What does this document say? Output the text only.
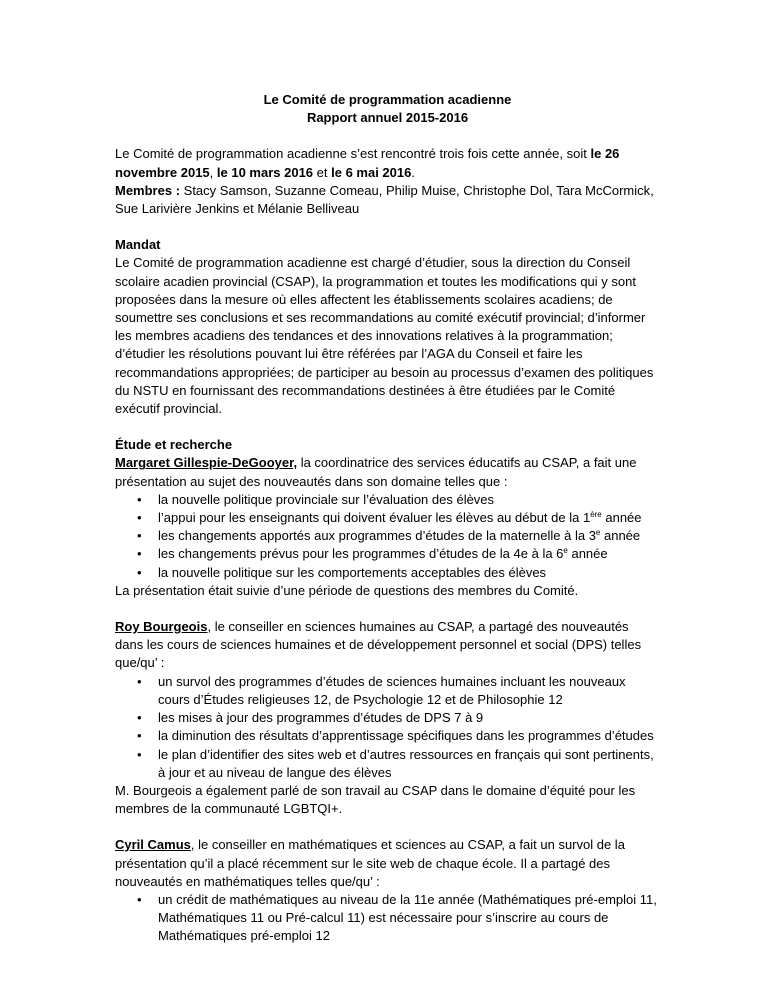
Le Comité de programmation acadienne
Rapport annuel 2015-2016

Le Comité de programmation acadienne s’est rencontré trois fois cette année, soit le 26 novembre 2015, le 10 mars 2016 et le 6 mai 2016.

Membres : Stacy Samson, Suzanne Comeau, Philip Muise, Christophe Dol, Tara McCormick, Sue Larivière Jenkins et Mélanie Belliveau

Mandat

Le Comité de programmation acadienne est chargé d’étudier, sous la direction du Conseil scolaire acadien provincial (CSAP), la programmation et toutes les modifications qui y sont proposées dans la mesure où elles affectent les établissements scolaires acadiens; de soumettre ses conclusions et ses recommandations au comité exécutif provincial; d’informer les membres acadiens des tendances et des innovations relatives à la programmation; d’étudier les résolutions pouvant lui être référées par l’AGA du Conseil et faire les recommandations appropriées; de participer au besoin au processus d’examen des politiques du NSTU en fournissant des recommandations destinées à être étudiées par le Comité exécutif provincial.

Étude et recherche

Margaret Gillespie-DeGooyer, la coordinatrice des services éducatifs au CSAP, a fait une présentation au sujet des nouveautés dans son domaine telles que :

• la nouvelle politique provinciale sur l’évaluation des élèves
• l’appui pour les enseignants qui doivent évaluer les élèves au début de la 1ère année
• les changements apportés aux programmes d’études de la maternelle à la 3e année
• les changements prévus pour les programmes d’études de la 4e à la 6e année
• la nouvelle politique sur les comportements acceptables des élèves

La présentation était suivie d’une période de questions des membres du Comité.

Roy Bourgeois, le conseiller en sciences humaines au CSAP, a partagé des nouveautés dans les cours de sciences humaines et de développement personnel et social (DPS) telles que/qu’ :

• un survol des programmes d’études de sciences humaines incluant les nouveaux cours d’Études religieuses 12, de Psychologie 12 et de Philosophie 12
• les mises à jour des programmes d’études de DPS 7 à 9
• la diminution des résultats d’apprentissage spécifiques dans les programmes d’études
• le plan d’identifier des sites web et d’autres ressources en français qui sont pertinents, à jour et au niveau de langue des élèves

M. Bourgeois a également parlé de son travail au CSAP dans le domaine d’équité pour les membres de la communauté LGBTQI+.

Cyril Camus, le conseiller en mathématiques et sciences au CSAP, a fait un survol de la présentation qu’il a placé récemment sur le site web de chaque école. Il a partagé des nouveautés en mathématiques telles que/qu’ :

• un crédit de mathématiques au niveau de la 11e année (Mathématiques pré-emploi 11, Mathématiques 11 ou Pré-calcul 11) est nécessaire pour s’inscrire au cours de Mathématiques pré-emploi 12
